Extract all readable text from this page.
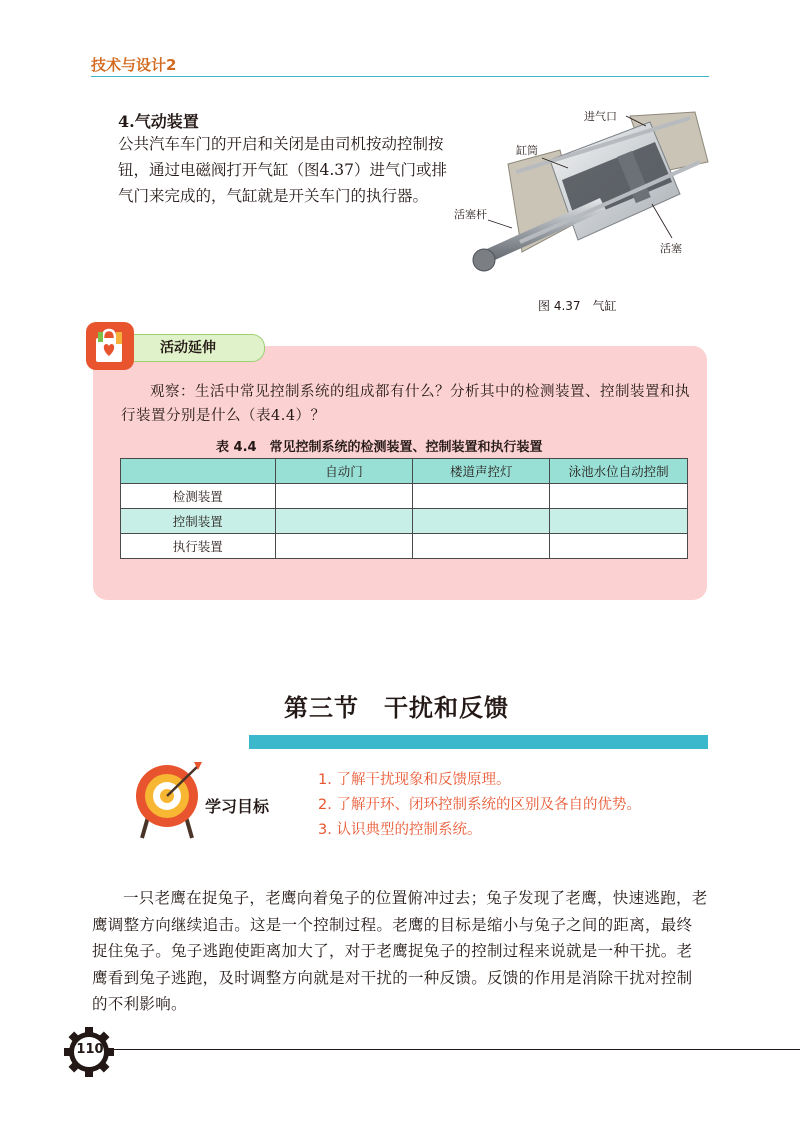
技术与设计2
4.气动装置
公共汽车车门的开启和关闭是由司机按动控制按钮，通过电磁阀打开气缸（图4.37）进气门或排气门来完成的，气缸就是开关车门的执行器。
进气口
缸筒
活塞杆
活塞
图 4.37　气缸
活动延伸
观察：生活中常见控制系统的组成都有什么？分析其中的检测装置、控制装置和执行装置分别是什么（表4.4）？
表 4.4　常见控制系统的检测装置、控制装置和执行装置
	自动门	楼道声控灯	泳池水位自动控制
检测装置			
控制装置			
执行装置			
第三节　干扰和反馈
学习目标
1. 了解干扰现象和反馈原理。
2. 了解开环、闭环控制系统的区别及各自的优势。
3. 认识典型的控制系统。
一只老鹰在捉兔子，老鹰向着兔子的位置俯冲过去；兔子发现了老鹰，快速逃跑，老鹰调整方向继续追击。这是一个控制过程。老鹰的目标是缩小与兔子之间的距离，最终捉住兔子。兔子逃跑使距离加大了，对于老鹰捉兔子的控制过程来说就是一种干扰。老鹰看到兔子逃跑，及时调整方向就是对干扰的一种反馈。反馈的作用是消除干扰对控制的不利影响。
110
